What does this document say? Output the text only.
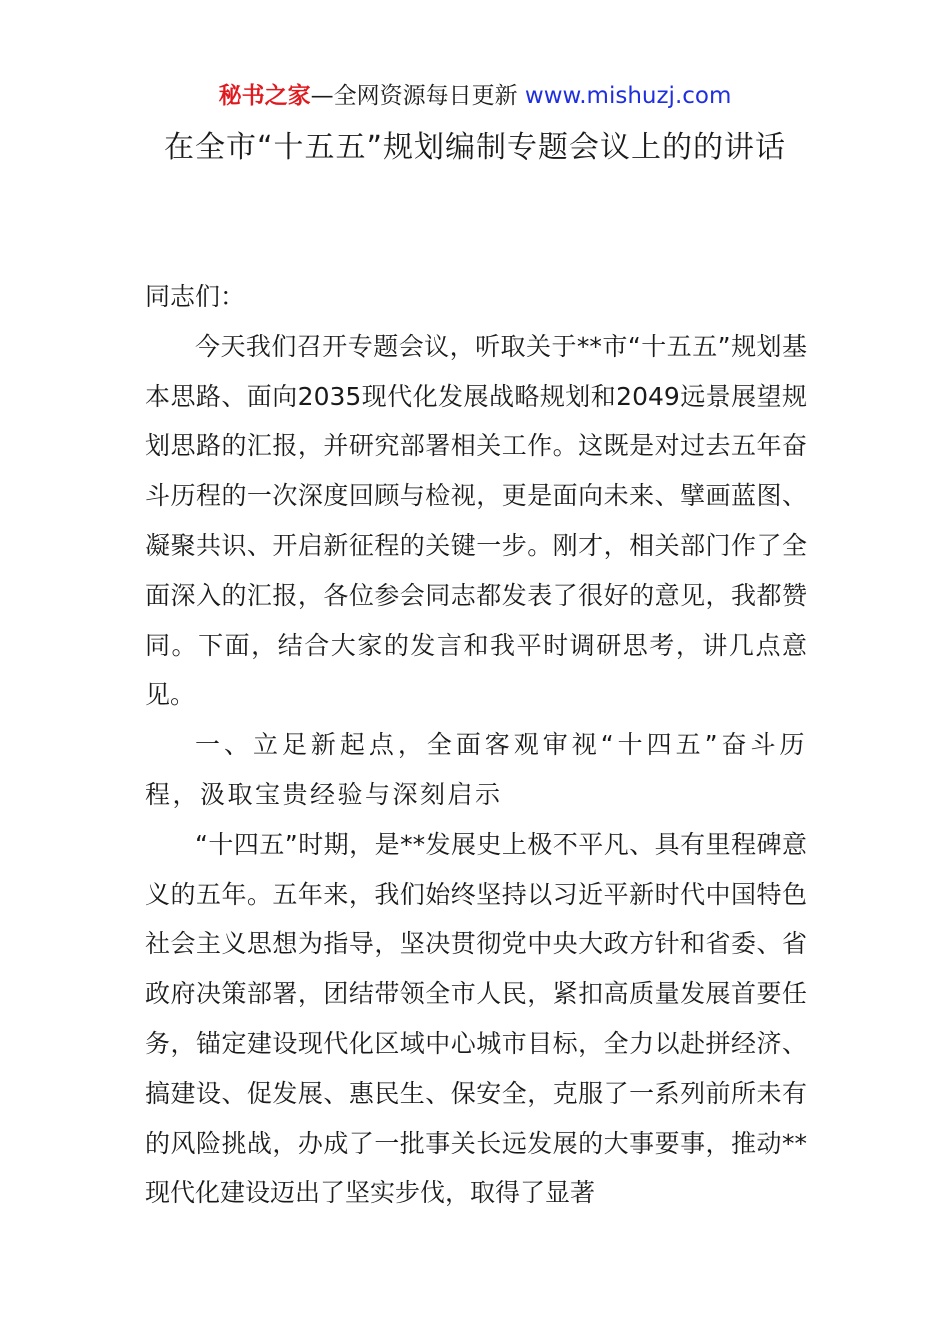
秘书之家—全网资源每日更新 www.mishuzj.com
在全市“十五五”规划编制专题会议上的的讲话

同志们：

今天我们召开专题会议，听取关于**市“十五五”规划基本思路、面向2035现代化发展战略规划和2049远景展望规划思路的汇报，并研究部署相关工作。这既是对过去五年奋斗历程的一次深度回顾与检视，更是面向未来、擘画蓝图、凝聚共识、开启新征程的关键一步。刚才，相关部门作了全面深入的汇报，各位参会同志都发表了很好的意见，我都赞同。下面，结合大家的发言和我平时调研思考，讲几点意见。

一、立足新起点，全面客观审视“十四五”奋斗历程，汲取宝贵经验与深刻启示

“十四五”时期，是**发展史上极不平凡、具有里程碑意义的五年。五年来，我们始终坚持以习近平新时代中国特色社会主义思想为指导，坚决贯彻党中央大政方针和省委、省政府决策部署，团结带领全市人民，紧扣高质量发展首要任务，锚定建设现代化区域中心城市目标，全力以赴拼经济、搞建设、促发展、惠民生、保安全，克服了一系列前所未有的风险挑战，办成了一批事关长远发展的大事要事，推动**现代化建设迈出了坚实步伐，取得了显著
